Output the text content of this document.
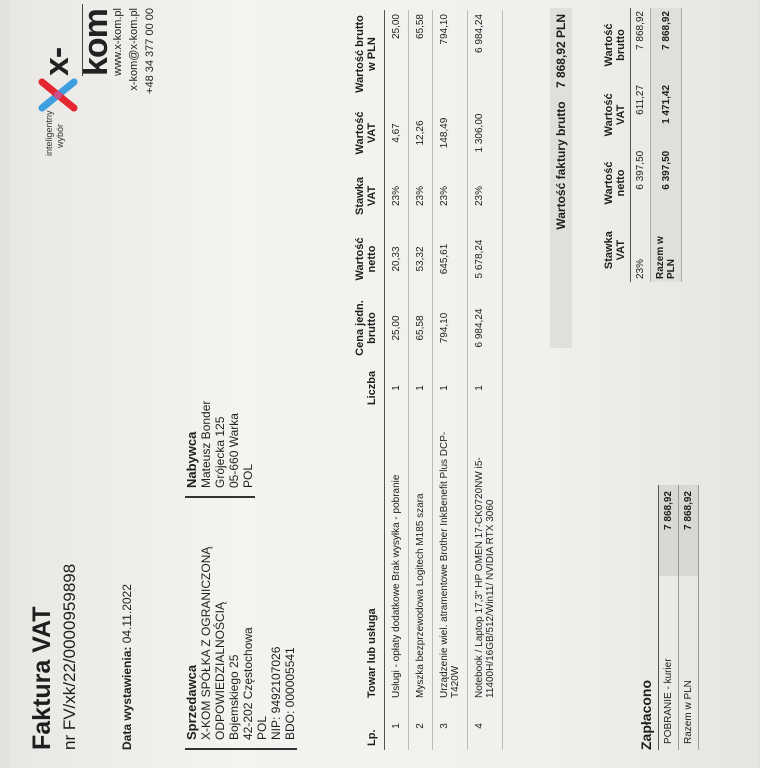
Faktura VAT nr FV/xk/22/0000959898	Data wystawienia: 04.11.2022
inteligentny wybór
x-kom
www.x-kom.pl x-kom@x-kom.pl +48 34 377 00 00
Sprzedawca X-KOM SPÓŁKA Z OGRANICZONĄ ODPOWIEDZIALNOŚCIĄ Bojemskiego 25 42-202 Częstochowa POL NIP: 9492107026 BDO: 000005541
Nabywca Mateusz Bonder Grójecka 125 05-660 Warka POL
Lp.	Towar lub usługa	Liczba	Cena jedn. brutto	Wartość netto	Stawka VAT	Wartość VAT	Wartość brutto w PLN
1	Usługi - opłaty dodatkowe Brak wysyłka - pobranie	1	25,00	20,33	23%	4,67	25,00
2	Myszka bezprzewodowa Logitech M185 szara	1	65,58	53,32	23%	12,26	65,58
3	Urządzenie wiel. atramentowe Brother InkBenefit Plus DCP-T420W	1	794,10	645,61	23%	148,49	794,10
4	Notebook / Laptop 17,3" HP OMEN 17-CK0720NW i5-11400H/16GB/512/Win11/ NVIDIA RTX 3060	1	6 984,24	5 678,24	23%	1 306,00	6 984,24
Wartość faktury brutto 7 868,92 PLN
Stawka VAT	Wartość netto	Wartość VAT	Wartość brutto
23%	6 397,50	611,27	7 868,92
Razem w PLN	6 397,50	1 471,42	7 868,92
Zapłacono POBRANIE - kurier	7 868,92
Razem w PLN	7 868,92
